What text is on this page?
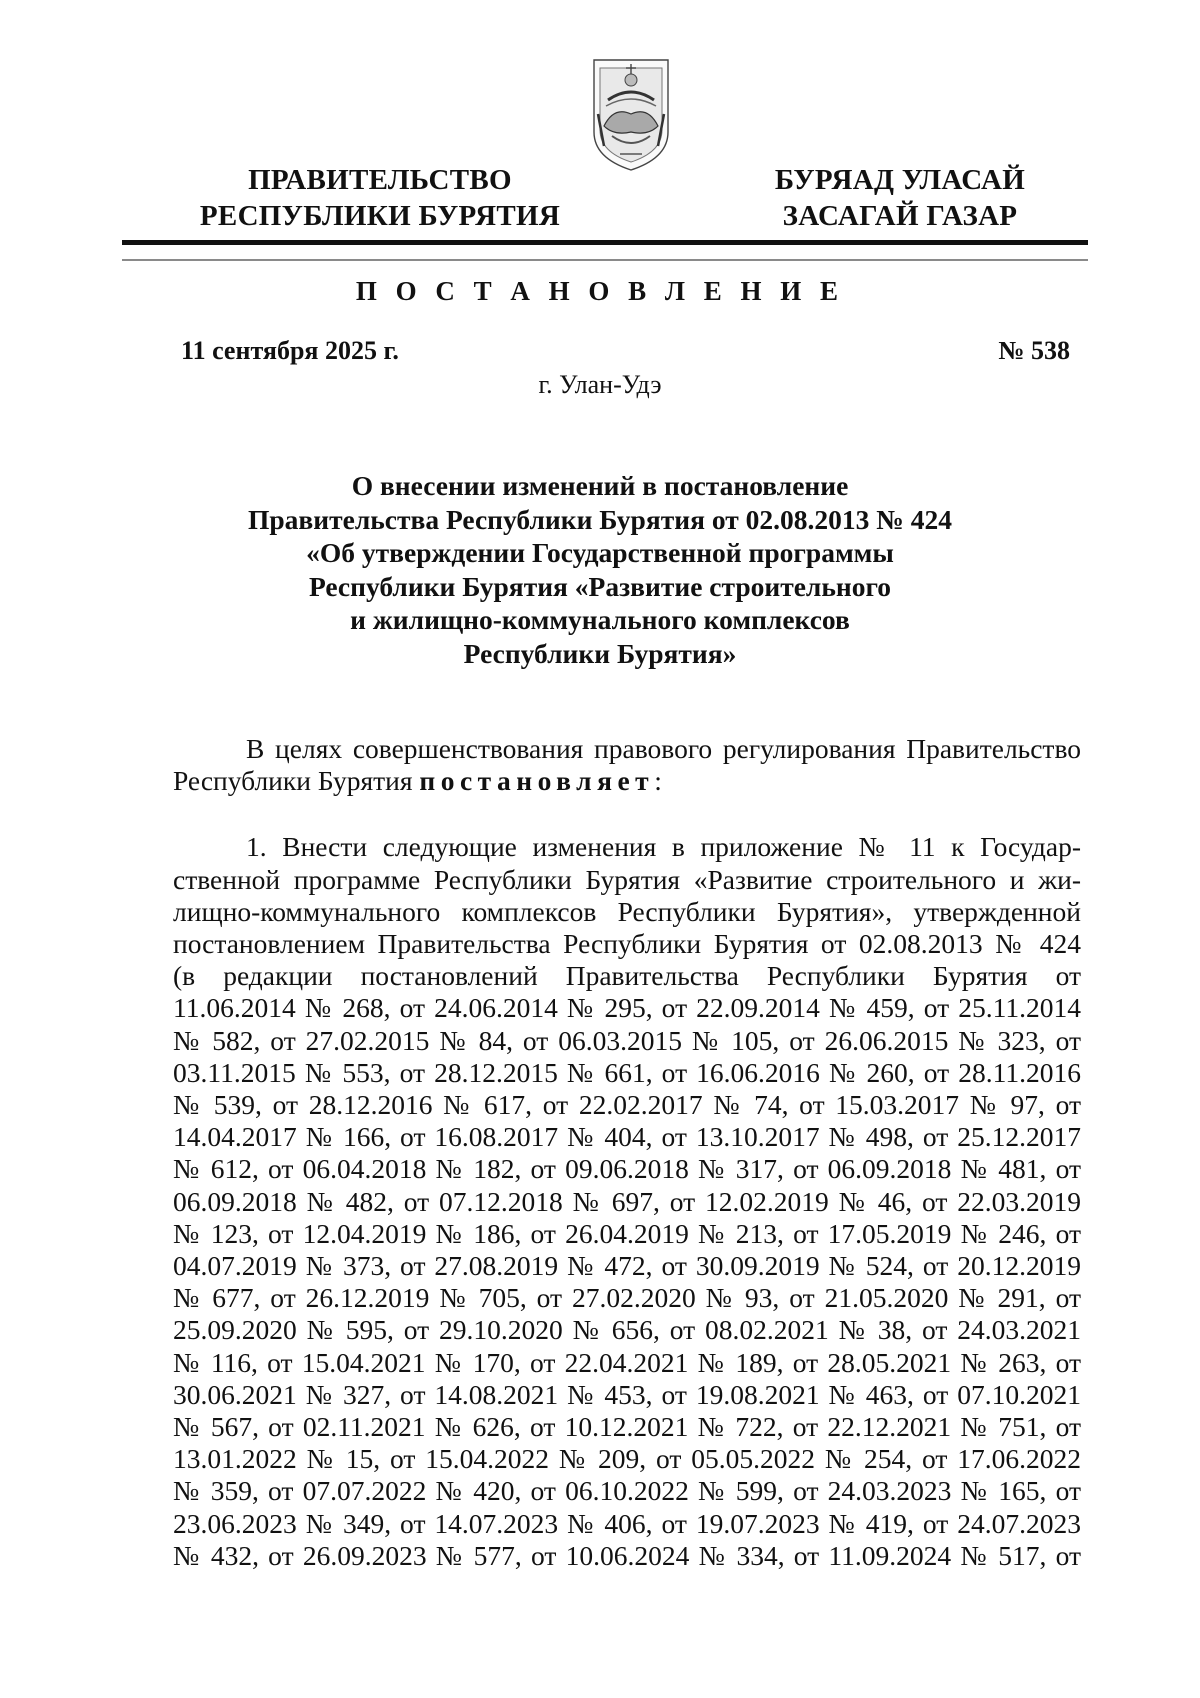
ПРАВИТЕЛЬСТВО
РЕСПУБЛИКИ БУРЯТИЯ
БУРЯАД УЛАСАЙ
ЗАСАГАЙ ГАЗАР
П О С Т А Н О В Л Е Н И Е
11 сентября 2025 г.	№ 538
г. Улан-Удэ
О внесении изменений в постановление
Правительства Республики Бурятия от 02.08.2013 № 424
«Об утверждении Государственной программы
Республики Бурятия «Развитие строительного
и жилищно-коммунального комплексов
Республики Бурятия»
В целях совершенствования правового регулирования Правительство
Республики Бурятия постановляет:
1. Внести следующие изменения в приложение № 11 к Государ-
ственной программе Республики Бурятия «Развитие строительного и жи-
лищно-коммунального комплексов Республики Бурятия», утвержденной
постановлением Правительства Республики Бурятия от 02.08.2013 № 424
(в редакции постановлений Правительства Республики Бурятия от
11.06.2014 № 268, от 24.06.2014 № 295, от 22.09.2014 № 459, от 25.11.2014
№ 582, от 27.02.2015 № 84, от 06.03.2015 № 105, от 26.06.2015 № 323, от
03.11.2015 № 553, от 28.12.2015 № 661, от 16.06.2016 № 260, от 28.11.2016
№ 539, от 28.12.2016 № 617, от 22.02.2017 № 74, от 15.03.2017 № 97, от
14.04.2017 № 166, от 16.08.2017 № 404, от 13.10.2017 № 498, от 25.12.2017
№ 612, от 06.04.2018 № 182, от 09.06.2018 № 317, от 06.09.2018 № 481, от
06.09.2018 № 482, от 07.12.2018 № 697, от 12.02.2019 № 46, от 22.03.2019
№ 123, от 12.04.2019 № 186, от 26.04.2019 № 213, от 17.05.2019 № 246, от
04.07.2019 № 373, от 27.08.2019 № 472, от 30.09.2019 № 524, от 20.12.2019
№ 677, от 26.12.2019 № 705, от 27.02.2020 № 93, от 21.05.2020 № 291, от
25.09.2020 № 595, от 29.10.2020 № 656, от 08.02.2021 № 38, от 24.03.2021
№ 116, от 15.04.2021 № 170, от 22.04.2021 № 189, от 28.05.2021 № 263, от
30.06.2021 № 327, от 14.08.2021 № 453, от 19.08.2021 № 463, от 07.10.2021
№ 567, от 02.11.2021 № 626, от 10.12.2021 № 722, от 22.12.2021 № 751, от
13.01.2022 № 15, от 15.04.2022 № 209, от 05.05.2022 № 254, от 17.06.2022
№ 359, от 07.07.2022 № 420, от 06.10.2022 № 599, от 24.03.2023 № 165, от
23.06.2023 № 349, от 14.07.2023 № 406, от 19.07.2023 № 419, от 24.07.2023
№ 432, от 26.09.2023 № 577, от 10.06.2024 № 334, от 11.09.2024 № 517, от
